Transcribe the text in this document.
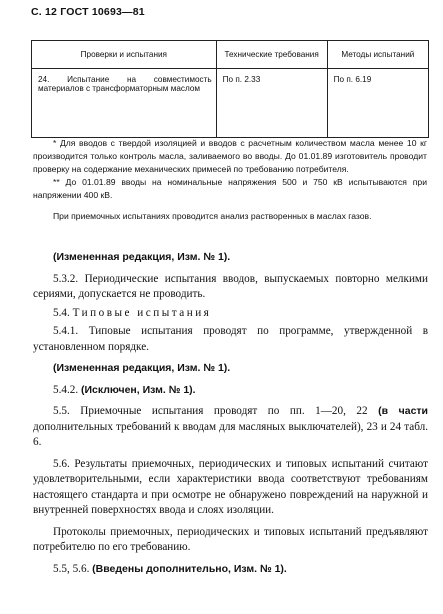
С. 12 ГОСТ 10693—81
Проверки и испытания	Технические требования	Методы испытаний
24. Испытание на совместимость материалов с трансформаторным маслом	По п. 2.33	По п. 6.19

* Для вводов с твердой изоляцией и вводов с расчетным количеством масла менее 10 кг производится только контроль масла, заливаемого во вводы. До 01.01.89 изготовитель проводит проверку на содержание механических примесей по требованию потребителя.

** До 01.01.89 вводы на номинальные напряжения 500 и 750 кВ испытываются при напряжении 400 кВ.

При приемочных испытаниях проводится анализ растворенных в маслах газов.

(Измененная редакция, Изм. № 1).

5.3.2. Периодические испытания вводов, выпускаемых повторно мелкими сериями, допускается не проводить.

5.4. Типовые испытания

5.4.1. Типовые испытания проводят по программе, утвержденной в установленном порядке.

(Измененная редакция, Изм. № 1).

5.4.2. (Исключен, Изм. № 1).

5.5. Приемочные испытания проводят по пп. 1—20, 22 (в части дополнительных требований к вводам для масляных выключателей), 23 и 24 табл. 6.

5.6. Результаты приемочных, периодических и типовых испытаний считают удовлетворительными, если характеристики ввода соответствуют требованиям настоящего стандарта и при осмотре не обнаружено повреждений на наружной и внутренней поверхностях ввода и слоях изоляции.

Протоколы приемочных, периодических и типовых испытаний предъявляют потребителю по его требованию.

5.5, 5.6. (Введены дополнительно, Изм. № 1).
